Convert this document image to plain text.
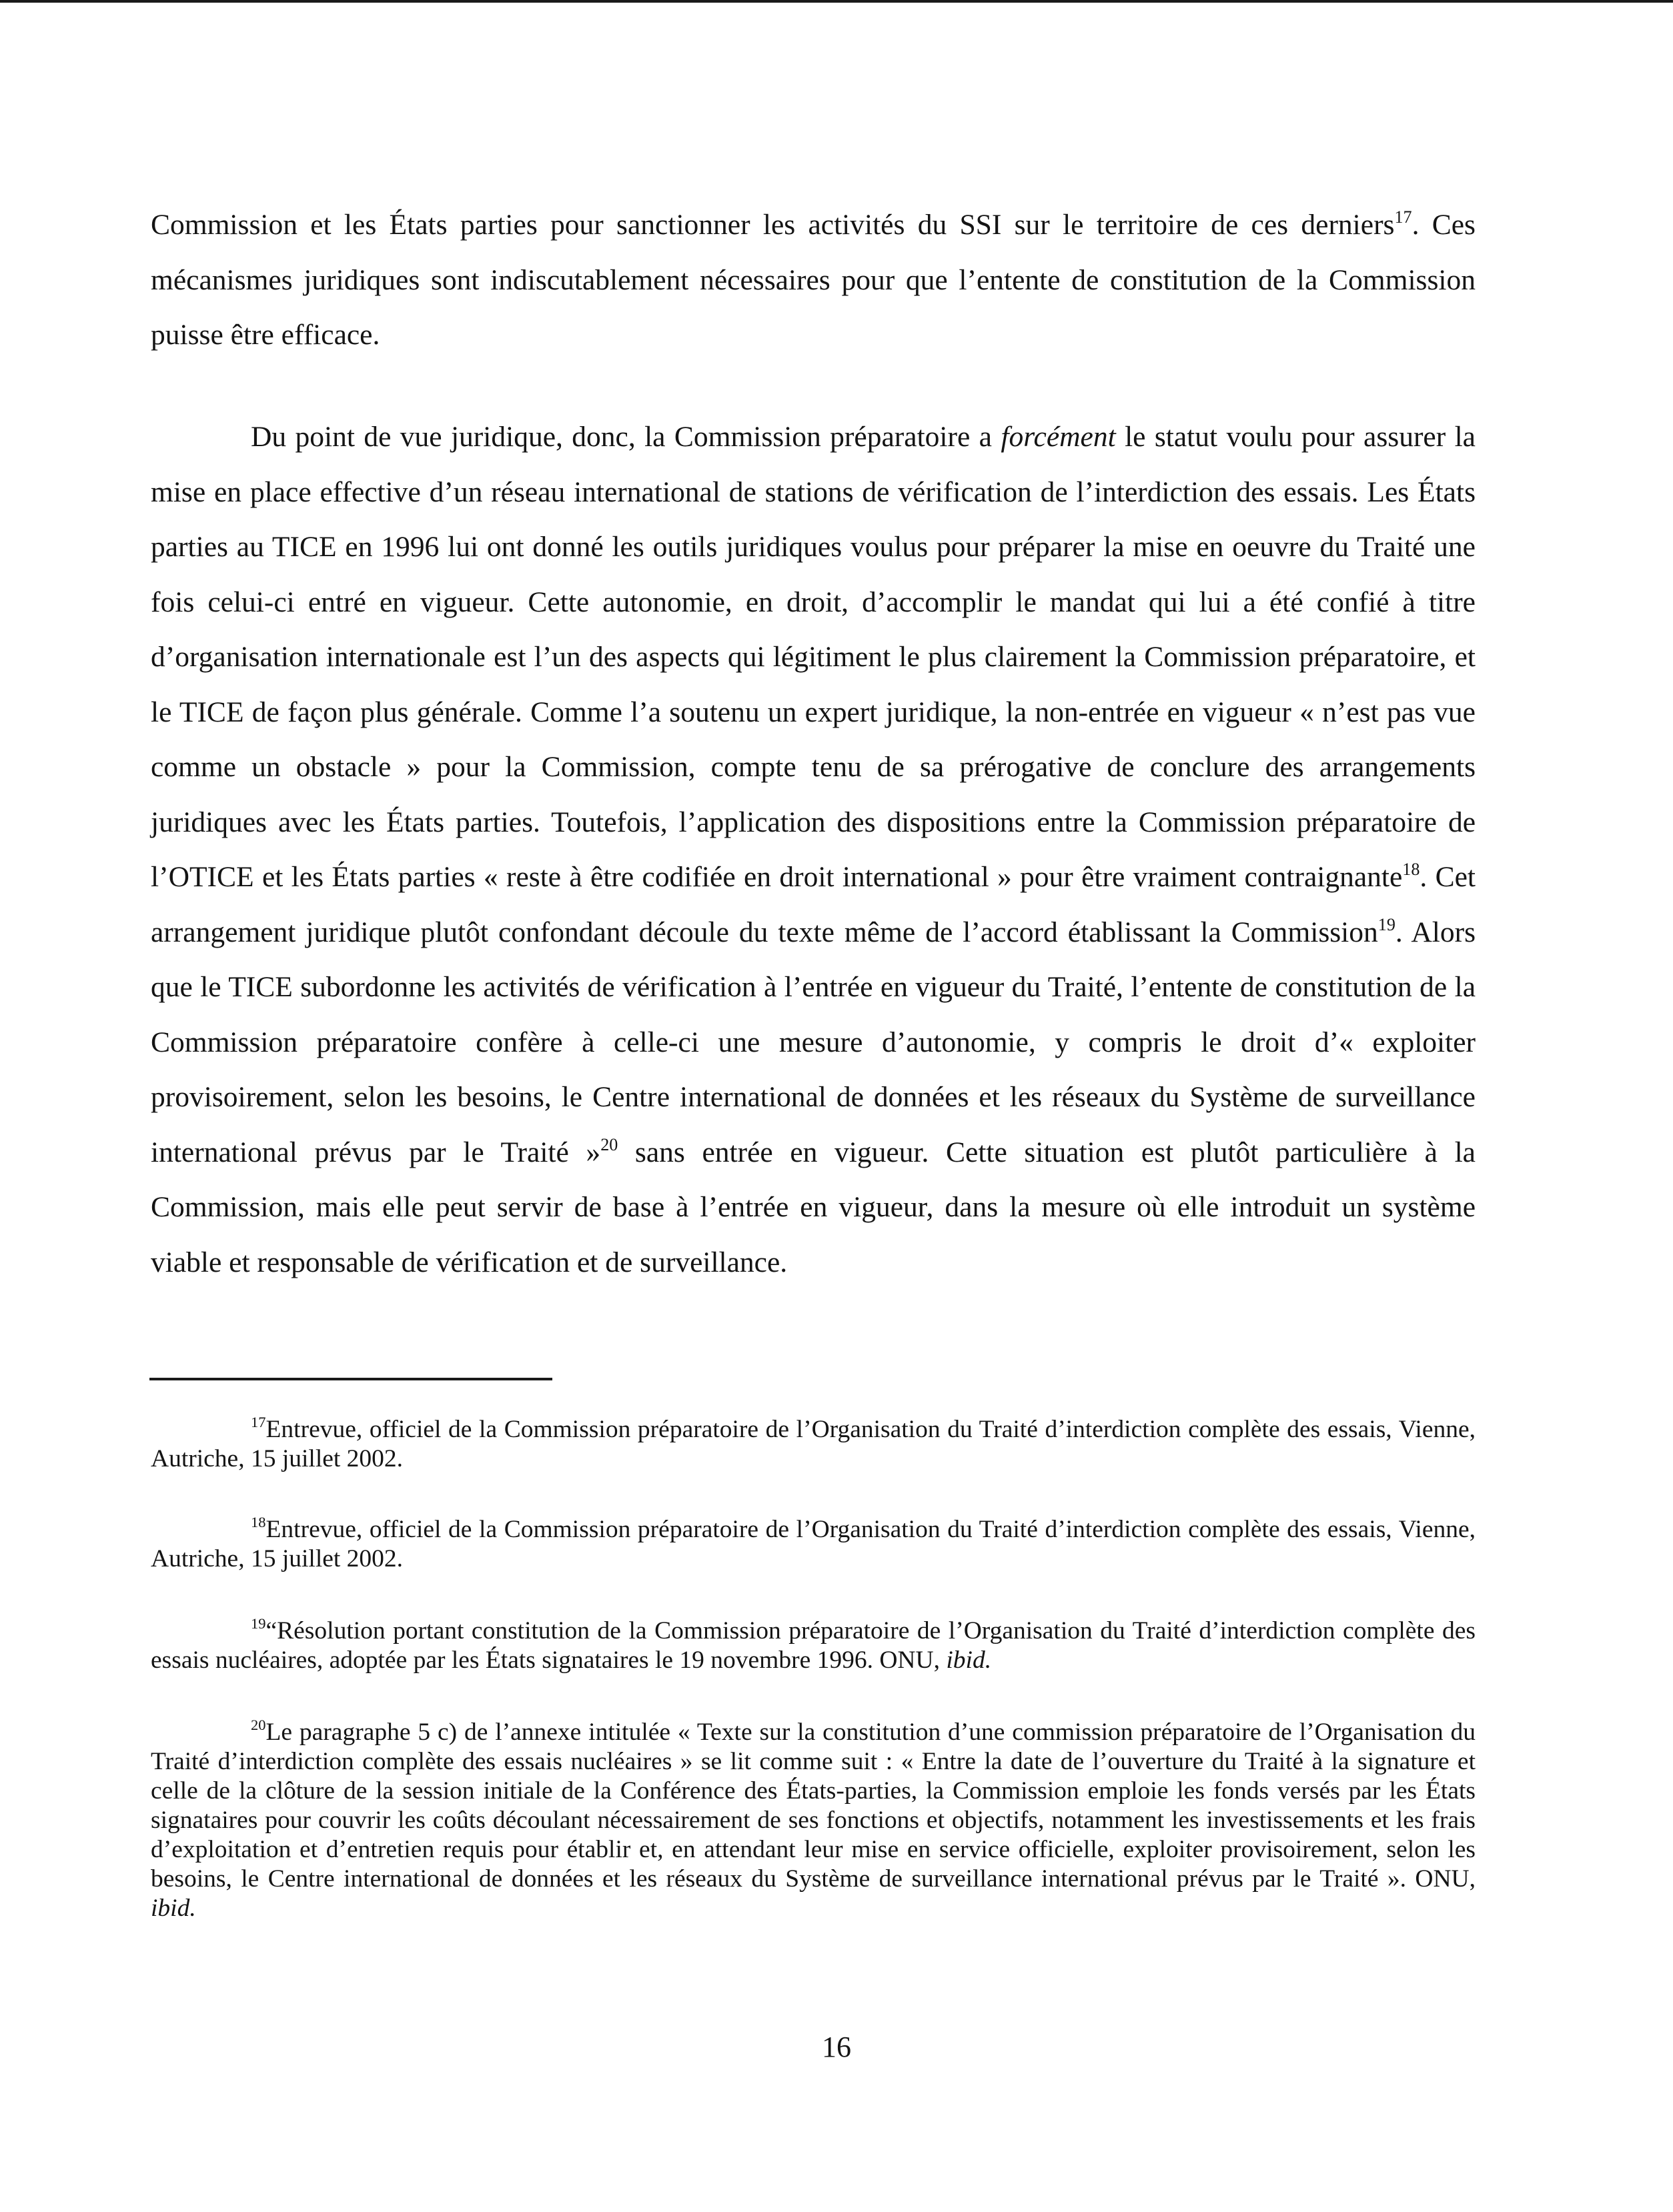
Commission et les États parties pour sanctionner les activités du SSI sur le territoire de ces derniers$^{17}$. Ces mécanismes juridiques sont indiscutablement nécessaires pour que l’entente de constitution de la Commission puisse être efficace.

Du point de vue juridique, donc, la Commission préparatoire a forcément le statut voulu pour assurer la mise en place effective d’un réseau international de stations de vérification de l’interdiction des essais. Les États parties au TICE en 1996 lui ont donné les outils juridiques voulus pour préparer la mise en oeuvre du Traité une fois celui-ci entré en vigueur. Cette autonomie, en droit, d’accomplir le mandat qui lui a été confié à titre d’organisation internationale est l’un des aspects qui légitiment le plus clairement la Commission préparatoire, et le TICE de façon plus générale. Comme l’a soutenu un expert juridique, la non-entrée en vigueur « n’est pas vue comme un obstacle » pour la Commission, compte tenu de sa prérogative de conclure des arrangements juridiques avec les États parties. Toutefois, l’application des dispositions entre la Commission préparatoire de l’OTICE et les États parties « reste à être codifiée en droit international » pour être vraiment contraignante$^{18}$. Cet arrangement juridique plutôt confondant découle du texte même de l’accord établissant la Commission$^{19}$. Alors que le TICE subordonne les activités de vérification à l’entrée en vigueur du Traité, l’entente de constitution de la Commission préparatoire confère à celle-ci une mesure d’autonomie, y compris le droit d’« exploiter provisoirement, selon les besoins, le Centre international de données et les réseaux du Système de surveillance international prévus par le Traité »$^{20}$ sans entrée en vigueur. Cette situation est plutôt particulière à la Commission, mais elle peut servir de base à l’entrée en vigueur, dans la mesure où elle introduit un système viable et responsable de vérification et de surveillance.

$^{17}$Entrevue, officiel de la Commission préparatoire de l’Organisation du Traité d’interdiction complète des essais, Vienne, Autriche, 15 juillet 2002.

$^{18}$Entrevue, officiel de la Commission préparatoire de l’Organisation du Traité d’interdiction complète des essais, Vienne, Autriche, 15 juillet 2002.

$^{19}$“Résolution portant constitution de la Commission préparatoire de l’Organisation du Traité d’interdiction complète des essais nucléaires, adoptée par les États signataires le 19 novembre 1996. ONU, ibid.

$^{20}$Le paragraphe 5 c) de l’annexe intitulée « Texte sur la constitution d’une commission préparatoire de l’Organisation du Traité d’interdiction complète des essais nucléaires » se lit comme suit : « Entre la date de l’ouverture du Traité à la signature et celle de la clôture de la session initiale de la Conférence des États-parties, la Commission emploie les fonds versés par les États signataires pour couvrir les coûts découlant nécessairement de ses fonctions et objectifs, notamment les investissements et les frais d’exploitation et d’entretien requis pour établir et, en attendant leur mise en service officielle, exploiter provisoirement, selon les besoins, le Centre international de données et les réseaux du Système de surveillance international prévus par le Traité ». ONU, ibid.

16
